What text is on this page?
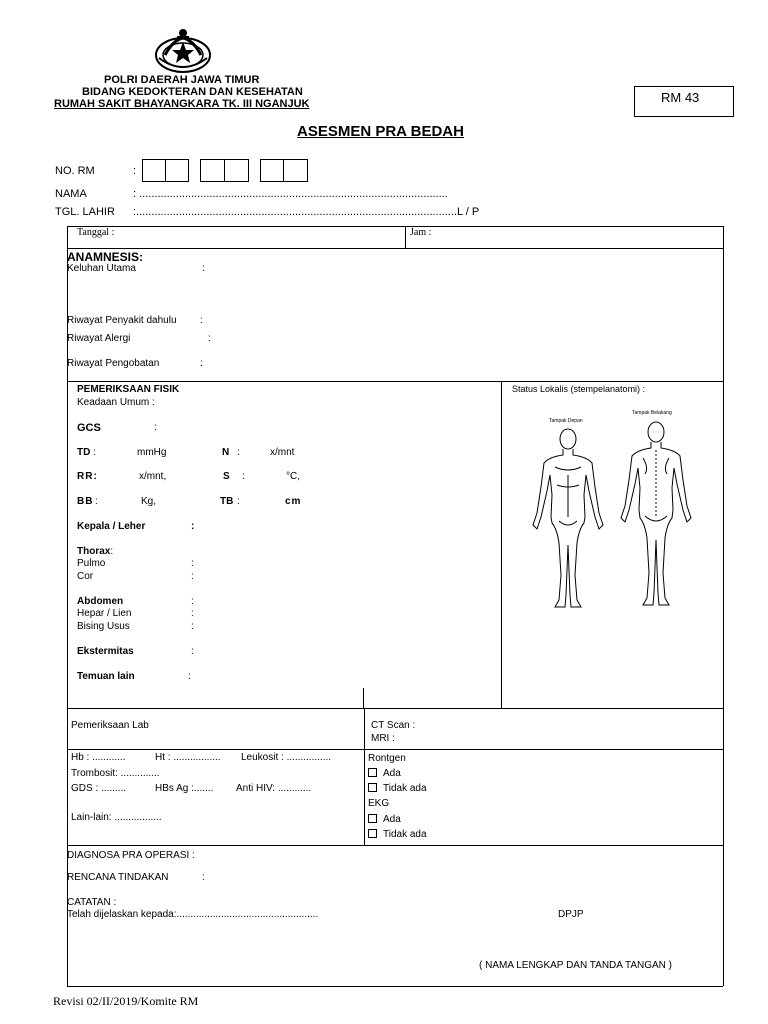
POLRI DAERAH JAWA TIMUR
BIDANG KEDOKTERAN DAN KESEHATAN
RUMAH SAKIT BHAYANGKARA TK. III NGANJUK	RM 43
ASESMEN PRA BEDAH
NO. RM	:
NAMA	: .....................................................................................................
TGL. LAHIR :.........................................................................................................L / P
Tanggal :	Jam :
ANAMNESIS:
Keluhan Utama	:
Riwayat Penyakit dahulu :
Riwayat Alergi	:
Riwayat Pengobatan	:
PEMERIKSAAN FISIK
Keadaan Umum :
GCS	:
TD :	mmHg	N :	x/mnt
RR:	x/mnt,	S :	°C,
BB :	Kg,	TB :	cm
Kepala / Leher	:
Thorax:
Pulmo	:
Cor	:
Abdomen	:
Hepar / Lien	:
Bising Usus	:
Ekstermitas	:
Temuan lain	:
Status Lokalis (stempelanatomi) :
Tampak Depan
Tampak Belakang
Pemeriksaan Lab	CT Scan :
MRI :
Hb : ............	Ht : ................. Leukosit : ................
Trombosit: ..............
GDS : .........	HBs Ag :....... Anti HIV: ............
Lain-lain: .................
Rontgen
Ada
Tidak ada
EKG
Ada
Tidak ada
DIAGNOSA PRA OPERASI :
RENCANA TINDAKAN	:
CATATAN :
Telah dijelaskan kepada:...................................................	DPJP
( NAMA LENGKAP DAN TANDA TANGAN )
Revisi 02/II/2019/Komite RM
